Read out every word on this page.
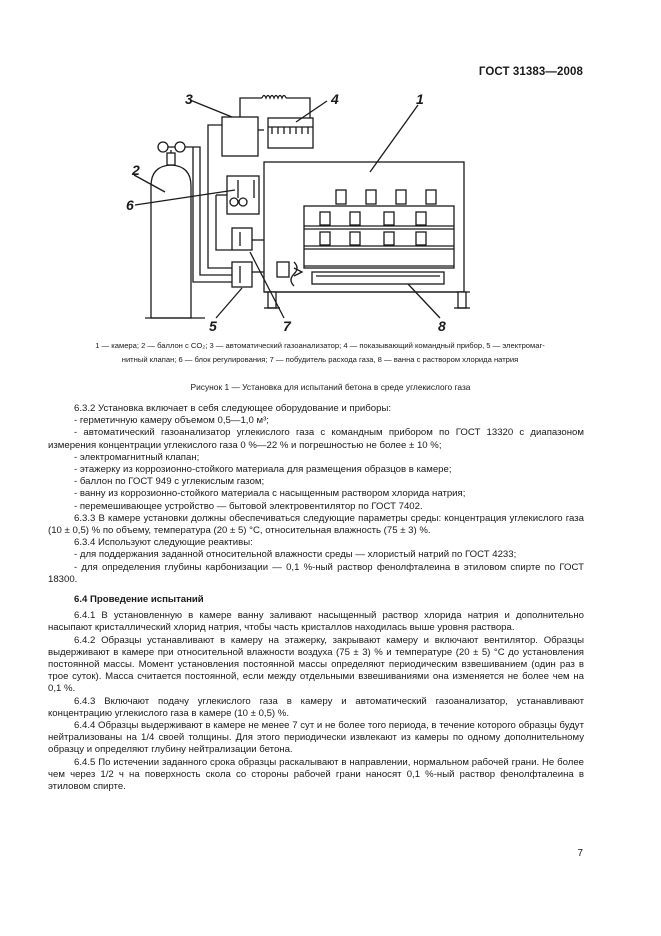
ГОСТ 31383—2008
2
3	4	1
6
5	7	8
1 — камера; 2 — баллон с CO₂; 3 — автоматический газоанализатор; 4 — показывающий командный прибор, 5 — электромаг-
нитный клапан; 6 — блок регулирования; 7 — побудитель расхода газа, 8 — ванна с раствором хлорида натрия
Рисунок 1 — Установка для испытаний бетона в среде углекислого газа

6.3.2 Установка включает в себя следующее оборудование и приборы:

- герметичную камеру объемом 0,5—1,0 м³;

- автоматический газоанализатор углекислого газа с командным прибором по ГОСТ 13320 с диапазоном измерения концентрации углекислого газа 0 %—22 % и погрешностью не более ± 10 %;

- электромагнитный клапан;

- этажерку из коррозионно-стойкого материала для размещения образцов в камере;

- баллон по ГОСТ 949 с углекислым газом;

- ванну из коррозионно-стойкого материала с насыщенным раствором хлорида натрия;

- перемешивающее устройство — бытовой электровентилятор по ГОСТ 7402.

6.3.3 В камере установки должны обеспечиваться следующие параметры среды: концентрация углекислого газа (10 ± 0,5) % по объему, температура (20 ± 5) °С, относительная влажность (75 ± 3) %.

6.3.4 Используют следующие реактивы:

- для поддержания заданной относительной влажности среды — хлористый натрий по ГОСТ 4233;

- для определения глубины карбонизации — 0,1 %-ный раствор фенолфталеина в этиловом спирте по ГОСТ 18300.

6.4 Проведение испытаний

6.4.1 В установленную в камере ванну заливают насыщенный раствор хлорида натрия и дополнительно насыпают кристаллический хлорид натрия, чтобы часть кристаллов находилась выше уровня раствора.

6.4.2 Образцы устанавливают в камеру на этажерку, закрывают камеру и включают вентилятор. Образцы выдерживают в камере при относительной влажности воздуха (75 ± 3) % и температуре (20 ± 5) °С до установления постоянной массы. Момент установления постоянной массы определяют периодическим взвешиванием (один раз в трое суток). Масса считается постоянной, если между отдельными взвешиваниями она изменяется не более чем на 0,1 %.

6.4.3 Включают подачу углекислого газа в камеру и автоматический газоанализатор, устанавливают концентрацию углекислого газа в камере (10 ± 0,5) %.

6.4.4 Образцы выдерживают в камере не менее 7 сут и не более того периода, в течение которого образцы будут нейтрализованы на 1/4 своей толщины. Для этого периодически извлекают из камеры по одному дополнительному образцу и определяют глубину нейтрализации бетона.

6.4.5 По истечении заданного срока образцы раскалывают в направлении, нормальном рабочей грани. Не более чем через 1/2 ч на поверхность скола со стороны рабочей грани наносят 0,1 %-ный раствор фенолфталеина в этиловом спирте.

7
